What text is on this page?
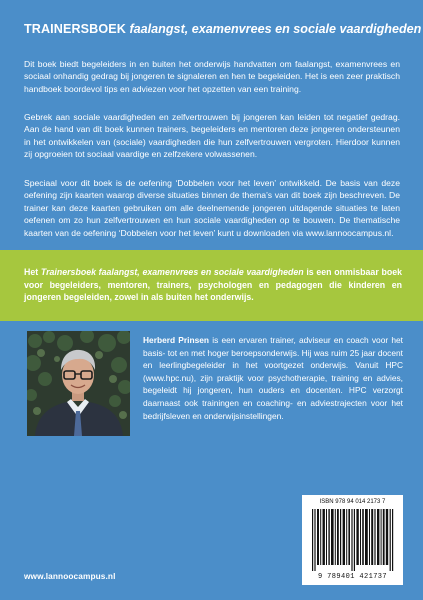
TRAINERSBOEK faalangst, examenvrees en sociale vaardigheden

Dit boek biedt begeleiders in en buiten het onderwijs handvatten om faalangst, examenvrees en sociaal onhandig gedrag bij jongeren te signaleren en hen te begeleiden. Het is een zeer praktisch handboek boordevol tips en adviezen voor het opzetten van een training.

Gebrek aan sociale vaardigheden en zelfvertrouwen bij jongeren kan leiden tot negatief gedrag. Aan de hand van dit boek kunnen trainers, begeleiders en mentoren deze jongeren ondersteunen in het ontwikkelen van (sociale) vaardigheden die hun zelfvertrouwen vergroten. Hierdoor kunnen zij opgroeien tot sociaal vaardige en zelfzekere volwassenen.

Speciaal voor dit boek is de oefening ‘Dobbelen voor het leven’ ontwikkeld. De basis van deze oefening zijn kaarten waarop diverse situaties binnen de thema’s van dit boek zijn beschreven. De trainer kan deze kaarten gebruiken om alle deelnemende jongeren uitdagende situaties te laten oefenen om zo hun zelfvertrouwen en hun sociale vaardigheden op te bouwen. De thematische kaarten van de oefening ‘Dobbelen voor het leven’ kunt u downloaden via www.lannoocampus.nl.

Het Trainersboek faalangst, examenvrees en sociale vaardigheden is een onmisbaar boek voor begeleiders, mentoren, trainers, psychologen en pedagogen die kinderen en jongeren begeleiden, zowel in als buiten het onderwijs.

Herberd Prinsen is een ervaren trainer, adviseur en coach voor het basis- tot en met hoger beroepsonderwijs. Hij was ruim 25 jaar docent en leerlingbegeleider in het voortgezet onderwijs. Vanuit HPC (www.hpc.nu), zijn praktijk voor psychotherapie, training en advies, begeleidt hij jongeren, hun ouders en docenten. HPC verzorgt daarnaast ook trainingen en coaching- en adviestrajecten voor het bedrijfsleven en onderwijsinstellingen.

ISBN 978 94 014 2173 7
9 789401 421737
www.lannoocampus.nl
